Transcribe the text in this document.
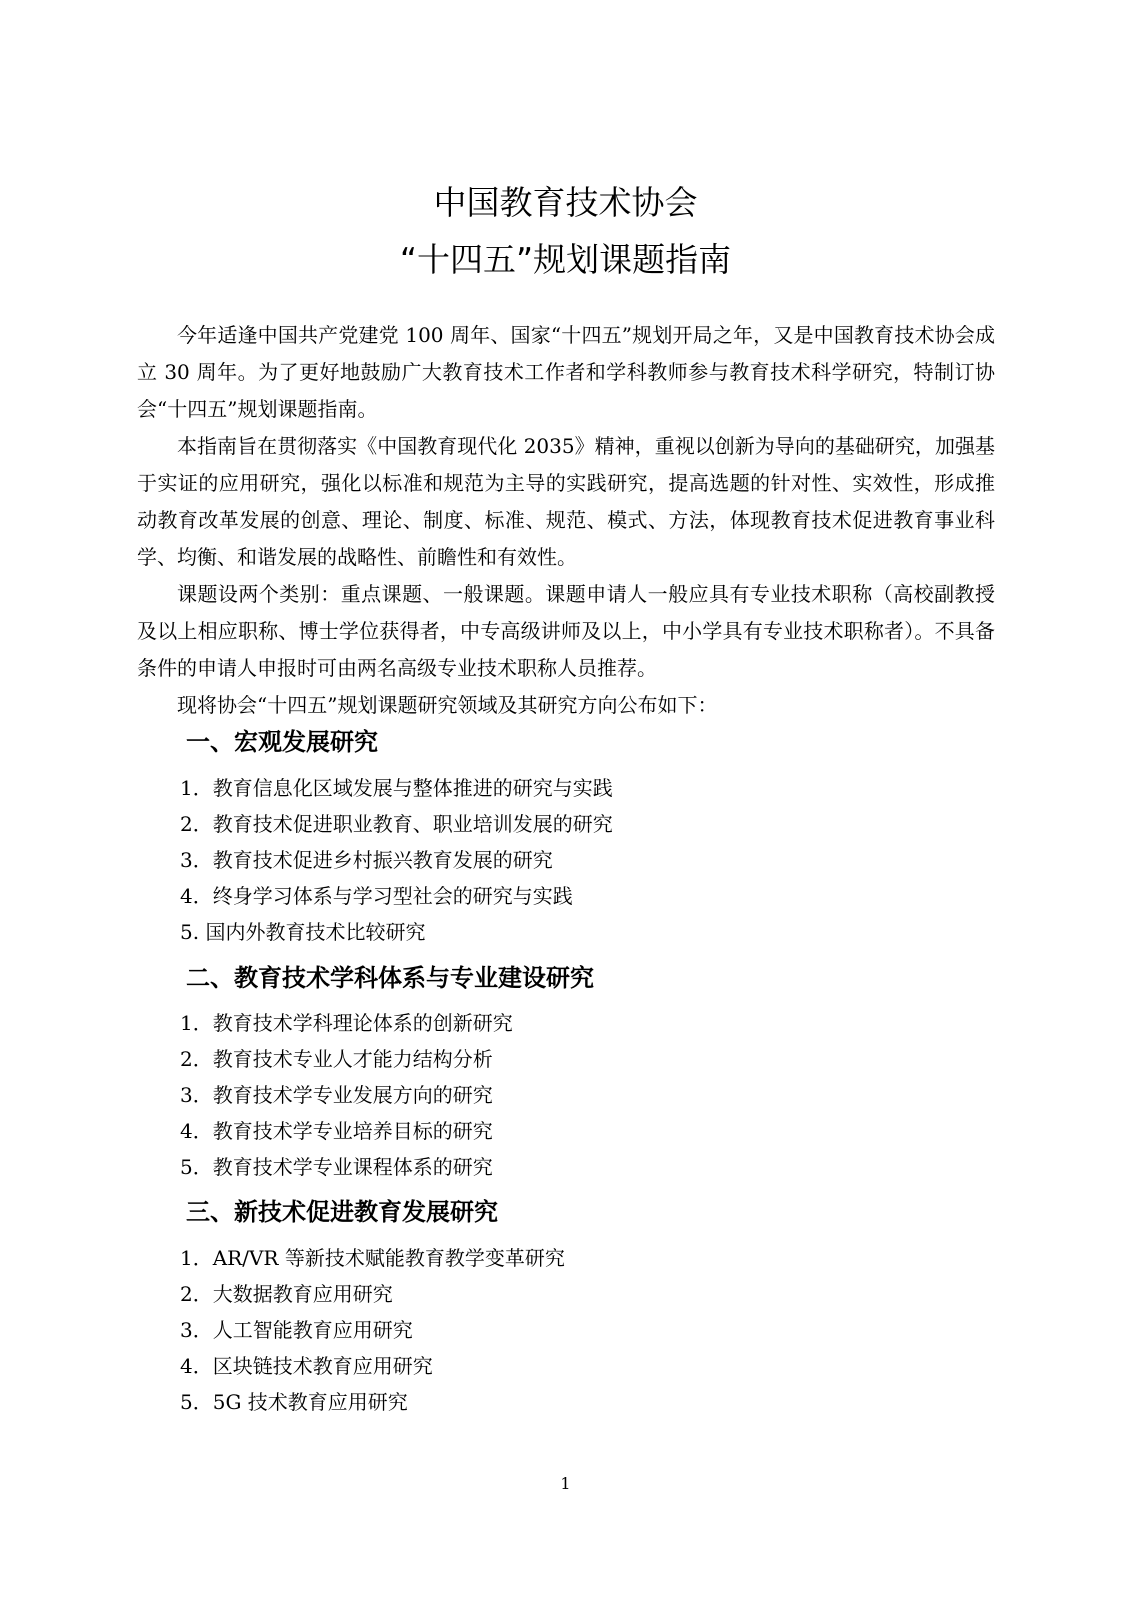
中国教育技术协会
“十四五”规划课题指南

今年适逢中国共产党建党 100 周年、国家“十四五”规划开局之年，又是中国教育技术协会成立 30 周年。为了更好地鼓励广大教育技术工作者和学科教师参与教育技术科学研究，特制订协会“十四五”规划课题指南。

本指南旨在贯彻落实《中国教育现代化 2035》精神，重视以创新为导向的基础研究，加强基于实证的应用研究，强化以标准和规范为主导的实践研究，提高选题的针对性、实效性，形成推动教育改革发展的创意、理论、制度、标准、规范、模式、方法，体现教育技术促进教育事业科学、均衡、和谐发展的战略性、前瞻性和有效性。

课题设两个类别：重点课题、一般课题。课题申请人一般应具有专业技术职称（高校副教授及以上相应职称、博士学位获得者，中专高级讲师及以上，中小学具有专业技术职称者）。不具备条件的申请人申报时可由两名高级专业技术职称人员推荐。

现将协会“十四五”规划课题研究领域及其研究方向公布如下：

一、宏观发展研究
1．教育信息化区域发展与整体推进的研究与实践
2．教育技术促进职业教育、职业培训发展的研究
3．教育技术促进乡村振兴教育发展的研究
4．终身学习体系与学习型社会的研究与实践
5. 国内外教育技术比较研究
二、教育技术学科体系与专业建设研究
1．教育技术学科理论体系的创新研究
2．教育技术专业人才能力结构分析
3．教育技术学专业发展方向的研究
4．教育技术学专业培养目标的研究
5．教育技术学专业课程体系的研究
三、新技术促进教育发展研究
1．AR/VR 等新技术赋能教育教学变革研究
2．大数据教育应用研究
3．人工智能教育应用研究
4．区块链技术教育应用研究
5．5G 技术教育应用研究
1
